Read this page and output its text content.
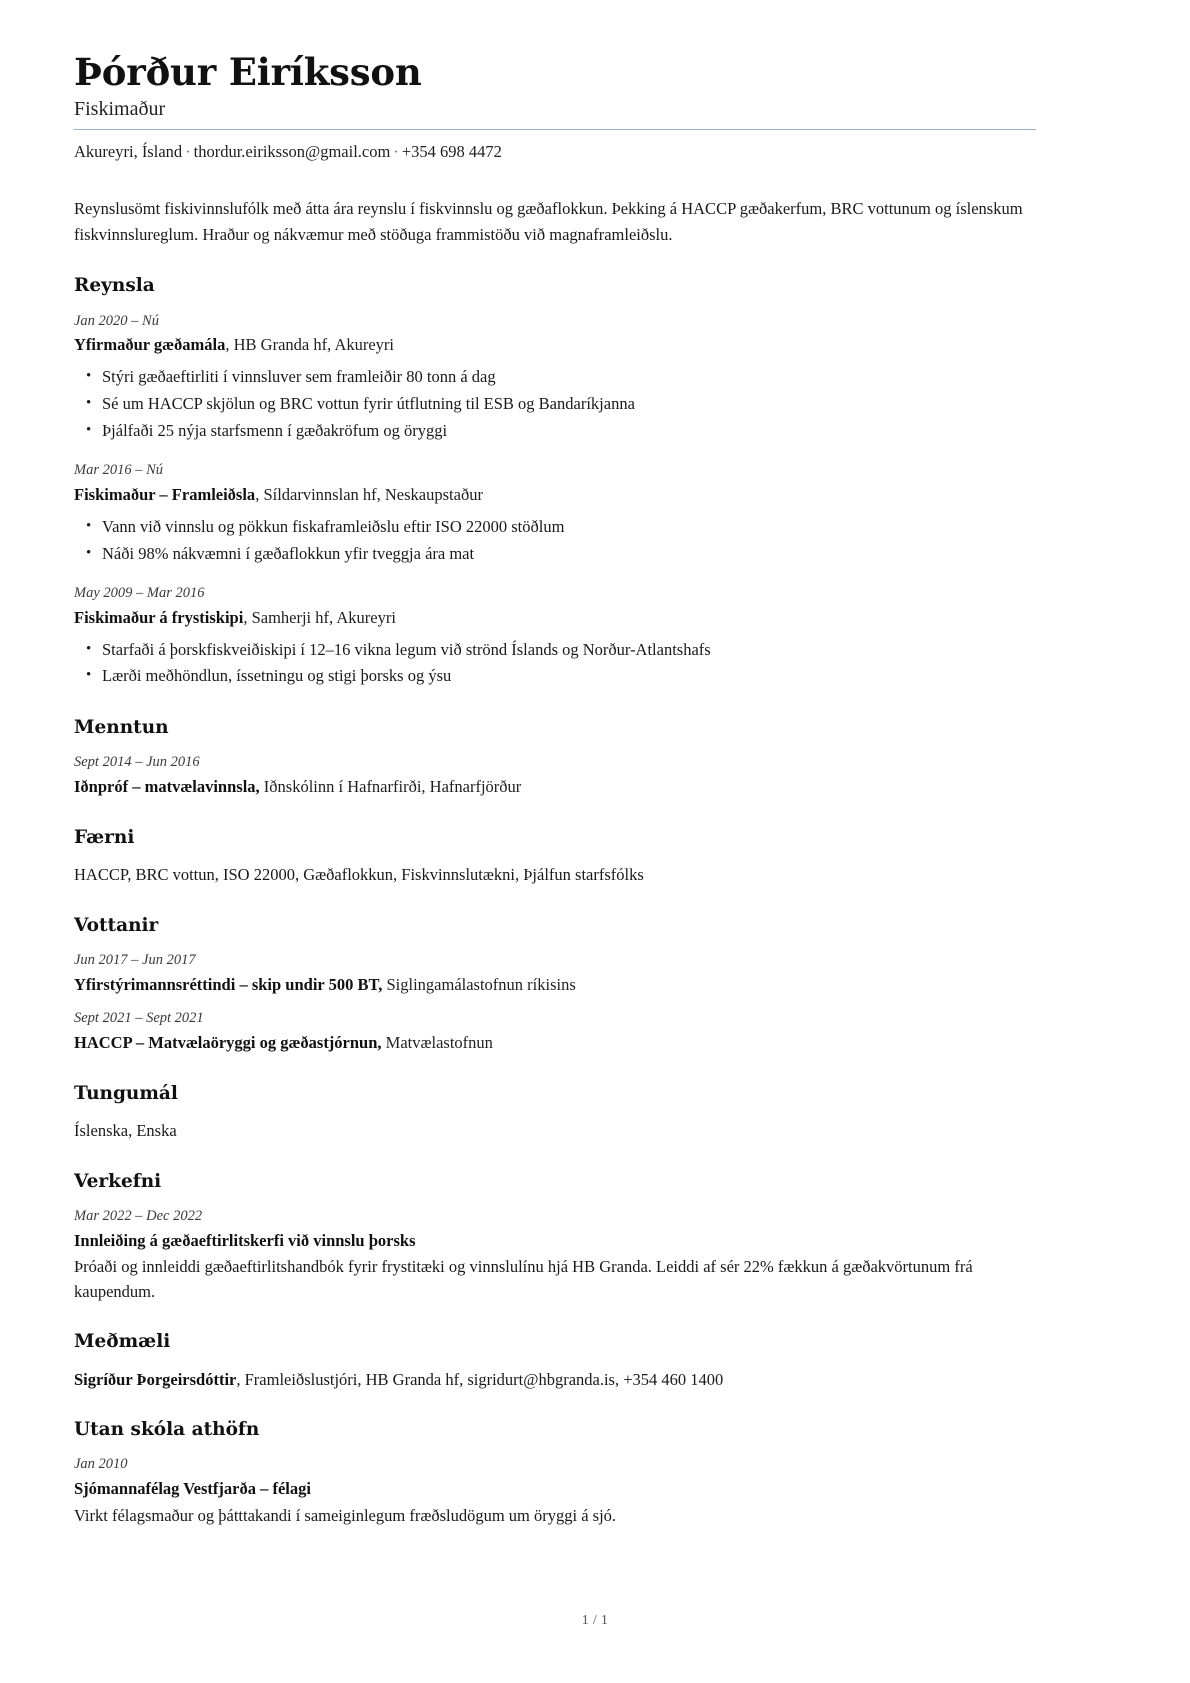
Þórður Eiríksson
Fiskimaður

Akureyri, Ísland · thordur.eiriksson@gmail.com · +354 698 4472

Reynslusömt fiskivinnslufólk með átta ára reynslu í fiskvinnslu og gæðaflokkun. Þekking á HACCP gæðakerfum, BRC vottunum og íslenskum fiskvinnslureglum. Hraður og nákvæmur með stöðuga frammistöðu við magnaframleiðslu.

Reynsla
Jan 2020 – Nú
Yfirmaður gæðamála, HB Granda hf, Akureyri
• Stýri gæðaeftirliti í vinnsluver sem framleiðir 80 tonn á dag
• Sé um HACCP skjölun og BRC vottun fyrir útflutning til ESB og Bandaríkjanna
• Þjálfaði 25 nýja starfsmenn í gæðakröfum og öryggi
Mar 2016 – Nú
Fiskimaður – Framleiðsla, Síldarvinnslan hf, Neskaupstaður
• Vann við vinnslu og pökkun fiskaframleiðslu eftir ISO 22000 stöðlum
• Náði 98% nákvæmni í gæðaflokkun yfir tveggja ára mat
May 2009 – Mar 2016
Fiskimaður á frystiskipi, Samherji hf, Akureyri
• Starfaði á þorskfiskveiðiskipi í 12–16 vikna legum við strönd Íslands og Norður-Atlantshafs
• Lærði meðhöndlun, íssetningu og stigi þorsks og ýsu
Menntun
Sept 2014 – Jun 2016
Iðnpróf – matvælavinnsla, Iðnskólinn í Hafnarfirði, Hafnarfjörður
Færni

HACCP, BRC vottun, ISO 22000, Gæðaflokkun, Fiskvinnslutækni, Þjálfun starfsfólks

Vottanir
Jun 2017 – Jun 2017
Yfirstýrimannsréttindi – skip undir 500 BT, Siglingamálastofnun ríkisins
Sept 2021 – Sept 2021
HACCP – Matvælaöryggi og gæðastjórnun, Matvælastofnun
Tungumál

Íslenska, Enska

Verkefni
Mar 2022 – Dec 2022
Innleiðing á gæðaeftirlitskerfi við vinnslu þorsks

Þróaði og innleiddi gæðaeftirlitshandbók fyrir frystitæki og vinnslulínu hjá HB Granda. Leiddi af sér 22% fækkun á gæðakvörtunum frá kaupendum.

Meðmæli

Sigríður Þorgeirsdóttir, Framleiðslustjóri, HB Granda hf, sigridurt@hbgranda.is, +354 460 1400

Utan skóla athöfn
Jan 2010
Sjómannafélag Vestfjarða – félagi

Virkt félagsmaður og þátttakandi í sameiginlegum fræðsludögum um öryggi á sjó.

1 / 1
